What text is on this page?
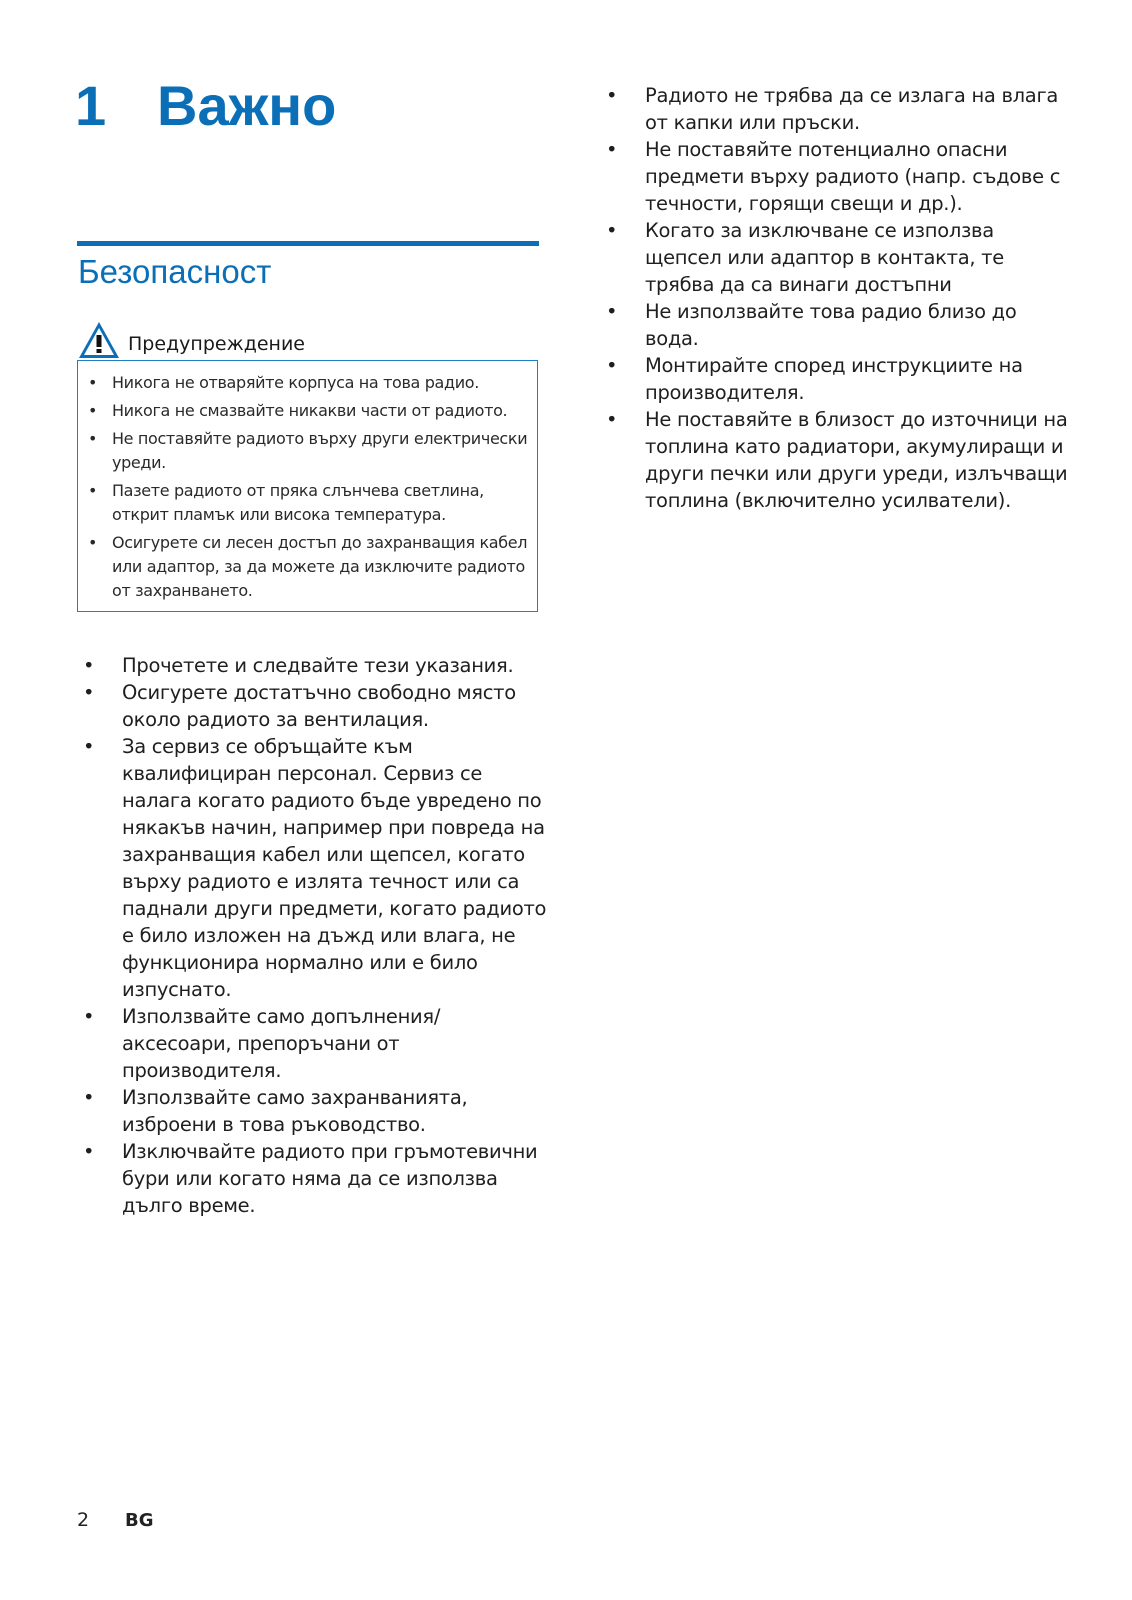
1 Важно
Безопасност
Предупреждение
• Никога не отваряйте корпуса на това радио.
• Никога не смазвайте никакви части от радиото.
• Не поставяйте радиото върху други електрически уреди.
• Пазете радиото от пряка слънчева светлина, открит пламък или висока температура.
• Осигурете си лесен достъп до захранващия кабел или адаптор, за да можете да изключите радиото от захранването.
• Прочетете и следвайте тези указания.
• Осигурете достатъчно свободно място около радиото за вентилация.
• За сервиз се обръщайте към квалифициран персонал. Сервиз се налага когато радиото бъде увредено по някакъв начин, например при повреда на захранващия кабел или щепсел, когато върху радиото е излята течност или са паднали други предмети, когато радиото е било изложен на дъжд или влага, не функционира нормално или е било изпуснато.
• Използвайте само допълнения/ аксесоари, препоръчани от производителя.
• Използвайте само захранванията, изброени в това ръководство.
• Изключвайте радиото при гръмотевични бури или когато няма да се използва дълго време.
• Радиото не трябва да се излага на влага от капки или пръски.
• Не поставяйте потенциално опасни предмети върху радиото (напр. съдове с течности, горящи свещи и др.).
• Когато за изключване се използва щепсел или адаптор в контакта, те трябва да са винаги достъпни
• Не използвайте това радио близо до вода.
• Монтирайте според инструкциите на производителя.
• Не поставяйте в близост до източници на топлина като радиатори, акумулиращи и други печки или други уреди, излъчващи топлина (включително усилватели).
2 BG
